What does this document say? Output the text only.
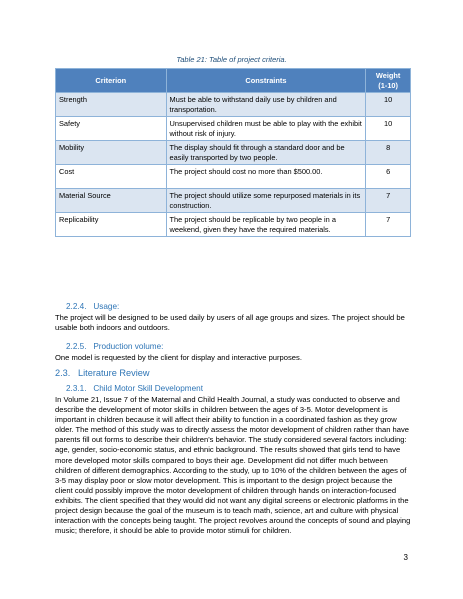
Table 21: Table of project criteria.
Criterion	Constraints	Weight
(1-10)
Strength	Must be able to withstand daily use by children and transportation.	10
Safety	Unsupervised children must be able to play with the exhibit without risk of injury.	10
Mobility	The display should fit through a standard door and be easily transported by two people.	8
Cost	The project should cost no more than $500.00.	6
Material Source	The project should utilize some repurposed materials in its construction.	7
Replicability	The project should be replicable by two people in a weekend, given they have the required materials.	7
2.2.4. Usage:
The project will be designed to be used daily by users of all age groups and sizes. The project should be usable both indoors and outdoors.
2.2.5. Production volume:
One model is requested by the client for display and interactive purposes.
2.3. Literature Review
2.3.1. Child Motor Skill Development
In Volume 21, Issue 7 of the Maternal and Child Health Journal, a study was conducted to observe and describe the development of motor skills in children between the ages of 3-5. Motor development is important in children because it will affect their ability to function in a coordinated fashion as they grow older. The method of this study was to directly assess the motor development of children rather than have parents fill out forms to describe their children's behavior. The study considered several factors including: age, gender, socio-economic status, and ethnic background. The results showed that girls tend to have more developed motor skills compared to boys their age. Development did not differ much between children of different demographics. According to the study, up to 10% of the children between the ages of 3-5 may display poor or slow motor development. This is important to the design project because the client could possibly improve the motor development of children through hands on interaction-focused exhibits. The client specified that they would did not want any digital screens or electronic platforms in the project design because the goal of the museum is to teach math, science, art and culture with physical interaction with the concepts being taught. The project revolves around the concepts of sound and playing music; therefore, it should be able to provide motor stimuli for children.
3
